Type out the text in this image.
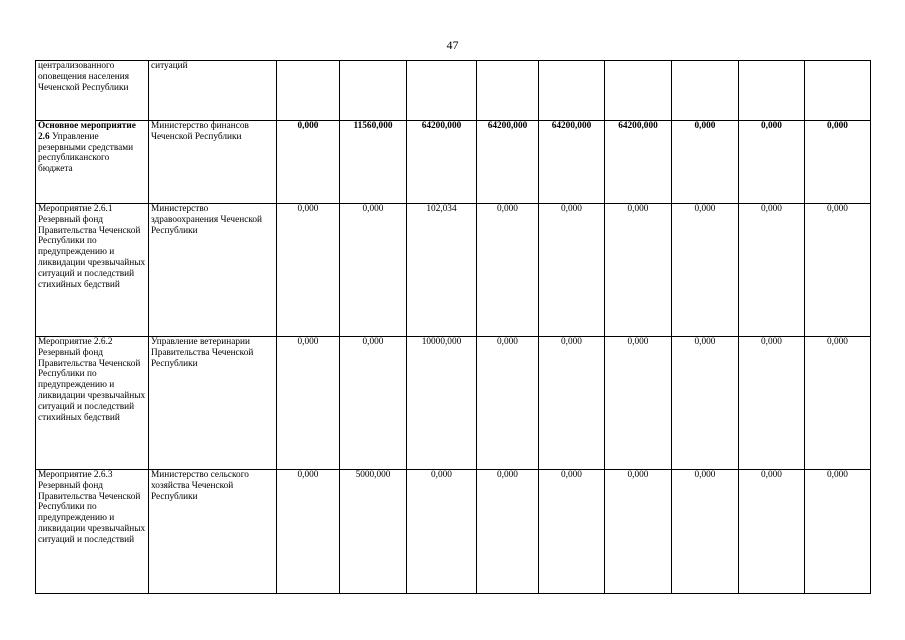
47
централизованного оповещения населения Чеченской Республики	ситуаций									
Основное мероприятие 2.6 Управление резервными средствами республиканского бюджета	Министерство финансов Чеченской Республики	0,000	11560,000	64200,000	64200,000	64200,000	64200,000	0,000	0,000	0,000
Мероприятие 2.6.1 Резервный фонд Правительства Чеченской Республики по предупреждению и ликвидации чрезвычайных ситуаций и последствий стихийных бедствий	Министерство здравоохранения Чеченской Республики	0,000	0,000	102,034	0,000	0,000	0,000	0,000	0,000	0,000
Мероприятие 2.6.2 Резервный фонд Правительства Чеченской Республики по предупреждению и ликвидации чрезвычайных ситуаций и последствий стихийных бедствий	Управление ветеринарии Правительства Чеченской Республики	0,000	0,000	10000,000	0,000	0,000	0,000	0,000	0,000	0,000
Мероприятие 2.6.3 Резервный фонд Правительства Чеченской Республики по предупреждению и ликвидации чрезвычайных ситуаций и последствий	Министерство сельского хозяйства Чеченской Республики	0,000	5000,000	0,000	0,000	0,000	0,000	0,000	0,000	0,000
